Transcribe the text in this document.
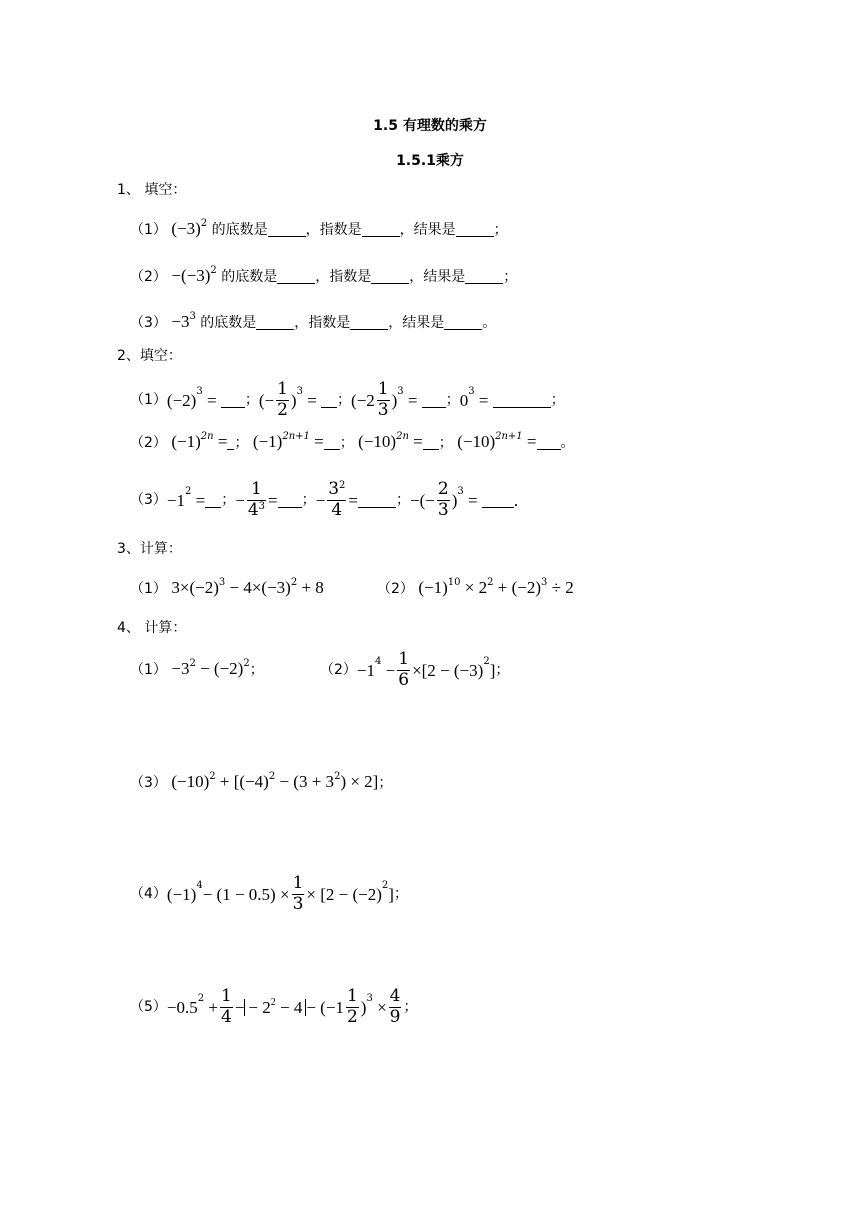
1.5 有理数的乘方
1.5.1乘方
1、 填空：
（1） $(-3)^2$ 的底数是	，指数是	，结果是	；
$(2) -(-3)^2$ 的底数是	，指数是	，结果是	；
$(3) -3^3$ 的底数是	，指数是	，结果是	。
2、填空：
（1） $(-2)^3$ = ； (− $\frac{1}{2} )^3$ = ； $(-2 \frac{1}{3} )^3$ = ； $0^3$ =	；
（2） $(-1)^{2n}$ = ； $(-1)^{2n+1}$ = ； $(-10)^{2n}$ = ； $(-10)^{2n+1}$ = 。
$(3) -1^2$ = ； − $\frac{1}{4^3}$ = ； − $\frac{3^2}{4}$ =	； −(− $\frac{2}{3} )^3$ = .
3、计算：
（1） $3\times(-2)^3 - 4\times(-3)^2 + 8$	（2） $(-1)^{10} \times 2^2 + (-2)^3 \div 2$
4、 计算：
$(1) -3^2 - (-2)^2$；	$(2) -1^4 - \frac{1}{6} \times[2 - (-3)^2$ ] ；
（3） $(-10)^2 + [(-4)^2 - (3 + 3^2) \times 2]$；
（4） $(-1)^4 - (1 - 0.5) \times \frac{1}{3} \times [2 - (-2)^2$ ] ；
$(5) -0.5^2 + \frac{1}{4}$ − − $2^2 - 4 - (-1 \frac{1}{2} )^3 \times \frac{4}{9}$ ；
